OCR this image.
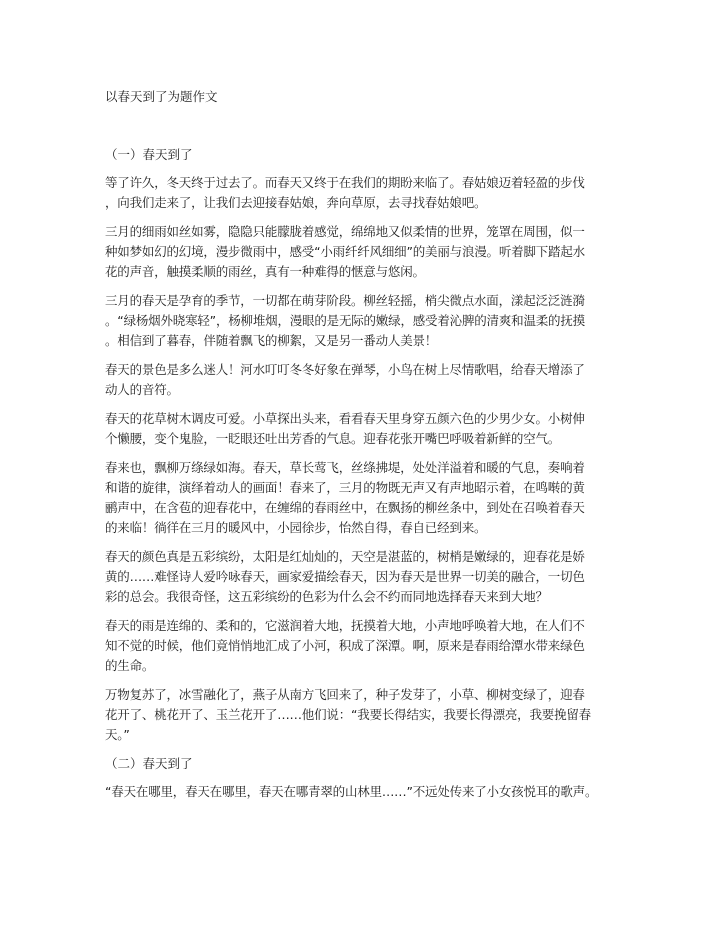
以春天到了为题作文
（一）春天到了
等了许久，冬天终于过去了。而春天又终于在我们的期盼来临了。春姑娘迈着轻盈的步伐
，向我们走来了，让我们去迎接春姑娘，奔向草原，去寻找春姑娘吧。
三月的细雨如丝如雾，隐隐只能朦胧着感觉，绵绵地又似柔情的世界，笼罩在周围，似一
种如梦如幻的幻境，漫步微雨中，感受“小雨纤纤风细细”的美丽与浪漫。听着脚下踏起水
花的声音，触摸柔顺的雨丝，真有一种难得的惬意与悠闲。
三月的春天是孕育的季节，一切都在萌芽阶段。柳丝轻摇，梢尖微点水面，漾起泛泛涟漪
。“绿杨烟外晓寒轻”，杨柳堆烟，漫眼的是无际的嫩绿，感受着沁脾的清爽和温柔的抚摸
。相信到了暮春，伴随着飘飞的柳絮，又是另一番动人美景！
春天的景色是多么迷人！河水叮叮冬冬好象在弹琴，小鸟在树上尽情歌唱，给春天增添了
动人的音符。
春天的花草树木调皮可爱。小草探出头来，看看春天里身穿五颜六色的少男少女。小树伸
个懒腰，变个鬼脸，一眨眼还吐出芳香的气息。迎春花张开嘴巴呼吸着新鲜的空气。
春来也，飘柳万绦绿如海。春天，草长莺飞，丝绦拂堤，处处洋溢着和暖的气息，奏响着
和谐的旋律，演绎着动人的画面！春来了，三月的物既无声又有声地昭示着，在鸣啭的黄
鹂声中，在含苞的迎春花中，在缠绵的春雨丝中，在飘扬的柳丝条中，到处在召唤着春天
的来临！徜徉在三月的暖风中，小园徐步，怡然自得，春自已经到来。
春天的颜色真是五彩缤纷，太阳是红灿灿的，天空是湛蓝的，树梢是嫩绿的，迎春花是娇
黄的……难怪诗人爱吟咏春天，画家爱描绘春天，因为春天是世界一切美的融合，一切色
彩的总会。我很奇怪，这五彩缤纷的色彩为什么会不约而同地选择春天来到大地？
春天的雨是连绵的、柔和的，它滋润着大地，抚摸着大地，小声地呼唤着大地，在人们不
知不觉的时候，他们竟悄悄地汇成了小河，积成了深潭。啊，原来是春雨给潭水带来绿色
的生命。
万物复苏了，冰雪融化了，燕子从南方飞回来了，种子发芽了，小草、柳树变绿了，迎春
花开了、桃花开了、玉兰花开了……他们说：“我要长得结实，我要长得漂亮，我要挽留春
天。”
（二）春天到了
“春天在哪里，春天在哪里，春天在哪青翠的山林里……”不远处传来了小女孩悦耳的歌声。
